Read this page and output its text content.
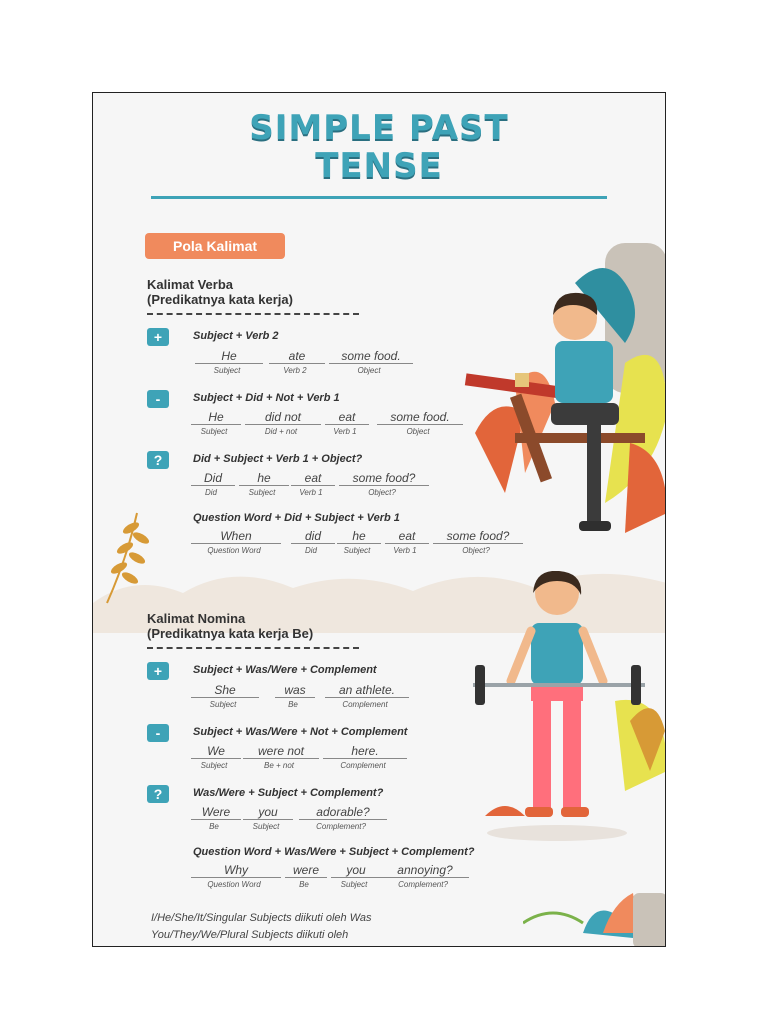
SIMPLE PAST
TENSE
Pola Kalimat
Kalimat Verba
(Predikatnya kata kerja)
+	Subject + Verb 2
He	ate	some food.
Subject	Verb 2	Object
-	Subject + Did + Not + Verb 1
He	did not	eat	some food.
Subject	Did + not	Verb 1	Object
?	Did + Subject + Verb 1 + Object?
Did	he	eat	some food?
Did	Subject	Verb 1	Object?
Question Word + Did + Subject + Verb 1
When	did	he	eat	some food?
Question Word	Did	Subject	Verb 1	Object?
Kalimat Nomina
(Predikatnya kata kerja Be)
+	Subject + Was/Were + Complement
She	was	an athlete.
Subject	Be	Complement
-	Subject + Was/Were + Not + Complement
We	were not	here.
Subject	Be + not	Complement
?	Was/Were + Subject + Complement?
Were	you	adorable?
Be	Subject	Complement?
Question Word + Was/Were + Subject + Complement?
Why	were	you	annoying?
Question Word	Be	Subject	Complement?
I/He/She/It/Singular Subjects diikuti oleh Was
You/They/We/Plural Subjects diikuti oleh
